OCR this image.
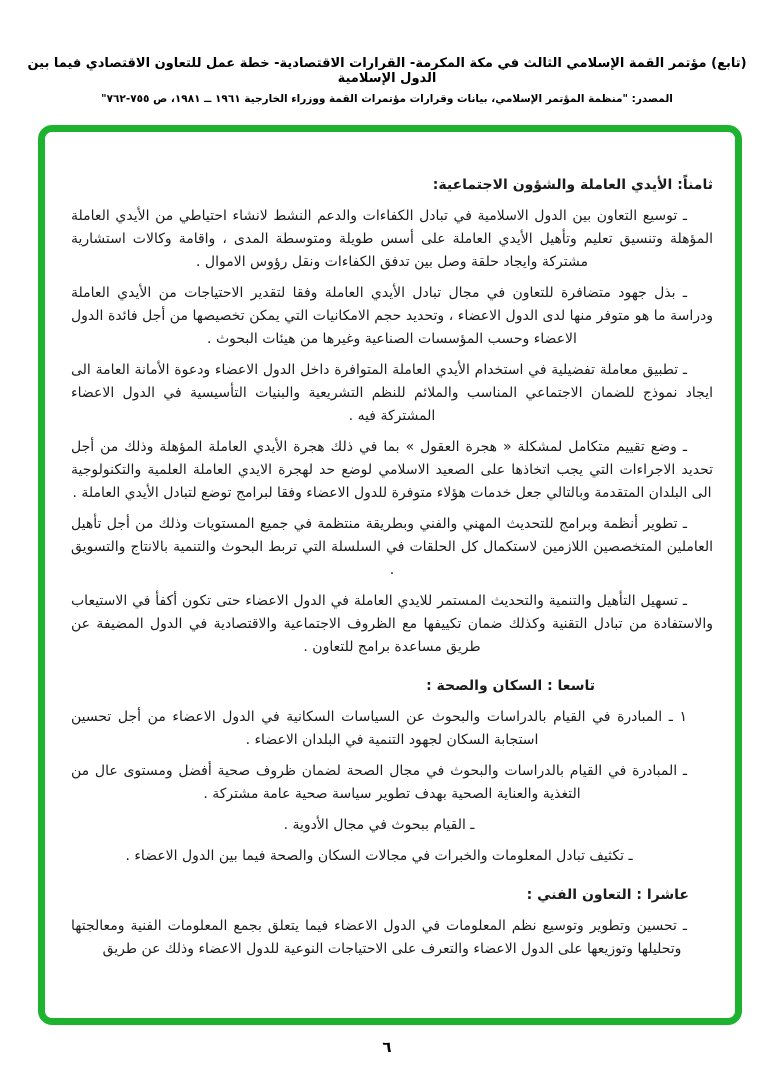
(تابع) مؤتمر القمة الإسلامي الثالث في مكة المكرمة- القرارات الاقتصادية- خطة عمل للتعاون الاقتصادي فيما بين الدول الإسلامية
المصدر: "منظمة المؤتمر الإسلامي، بيانات وقرارات مؤتمرات القمة ووزراء الخارجية ١٩٦١ ــ ١٩٨١، ص ٧٥٥-٧٦٢"
ثامناً: الأيدي العاملة والشؤون الاجتماعية:

ـ توسيع التعاون بين الدول الاسلامية في تبادل الكفاءات والدعم النشط لانشاء احتياطي من الأيدي العاملة المؤهلة وتنسيق تعليم وتأهيل الأيدي العاملة على أسس طويلة ومتوسطة المدى ، واقامة وكالات استشارية مشتركة وايجاد حلقة وصل بين تدفق الكفاءات ونقل رؤوس الاموال .

ـ بذل جهود متضافرة للتعاون في مجال تبادل الأيدي العاملة وفقا لتقدير الاحتياجات من الأيدي العاملة ودراسة ما هو متوفر منها لدى الدول الاعضاء ، وتحديد حجم الامكانيات التي يمكن تخصيصها من أجل فائدة الدول الاعضاء وحسب المؤسسات الصناعية وغيرها من هيئات البحوث .

ـ تطبيق معاملة تفضيلية في استخدام الأيدي العاملة المتوافرة داخل الدول الاعضاء ودعوة الأمانة العامة الى ايجاد نموذج للضمان الاجتماعي المناسب والملائم للنظم التشريعية والبنيات التأسيسية في الدول الاعضاء المشتركة فيه .

ـ وضع تقييم متكامل لمشكلة « هجرة العقول » بما في ذلك هجرة الأيدي العاملة المؤهلة وذلك من أجل تحديد الاجراءات التي يجب اتخاذها على الصعيد الاسلامي لوضع حد لهجرة الايدي العاملة العلمية والتكنولوجية الى البلدان المتقدمة وبالتالي جعل خدمات هؤلاء متوفرة للدول الاعضاء وفقا لبرامج توضع لتبادل الأيدي العاملة .

ـ تطوير أنظمة وبرامج للتحديث المهني والفني وبطريقة منتظمة في جميع المستويات وذلك من أجل تأهيل العاملين المتخصصين اللازمين لاستكمال كل الحلقات في السلسلة التي تربط البحوث والتنمية بالانتاج والتسويق .

ـ تسهيل التأهيل والتنمية والتحديث المستمر للايدي العاملة في الدول الاعضاء حتى تكون أكفأ في الاستيعاب والاستفادة من تبادل التقنية وكذلك ضمان تكييفها مع الظروف الاجتماعية والاقتصادية في الدول المضيفة عن طريق مساعدة برامج للتعاون .

تاسعا : السكان والصحة :

١ ـ المبادرة في القيام بالدراسات والبحوث عن السياسات السكانية في الدول الاعضاء من أجل تحسين استجابة السكان لجهود التنمية في البلدان الاعضاء .

ـ المبادرة في القيام بالدراسات والبحوث في مجال الصحة لضمان ظروف صحية أفضل ومستوى عال من التغذية والعناية الصحية بهدف تطوير سياسة صحية عامة مشتركة .

ـ القيام ببحوث في مجال الأدوية .

ـ تكثيف تبادل المعلومات والخبرات في مجالات السكان والصحة فيما بين الدول الاعضاء .

عاشرا : التعاون الفني :

ـ تحسين وتطوير وتوسيع نظم المعلومات في الدول الاعضاء فيما يتعلق بجمع المعلومات الفنية ومعالجتها وتحليلها وتوزيعها على الدول الاعضاء والتعرف على الاحتياجات النوعية للدول الاعضاء وذلك عن طريق

٦
